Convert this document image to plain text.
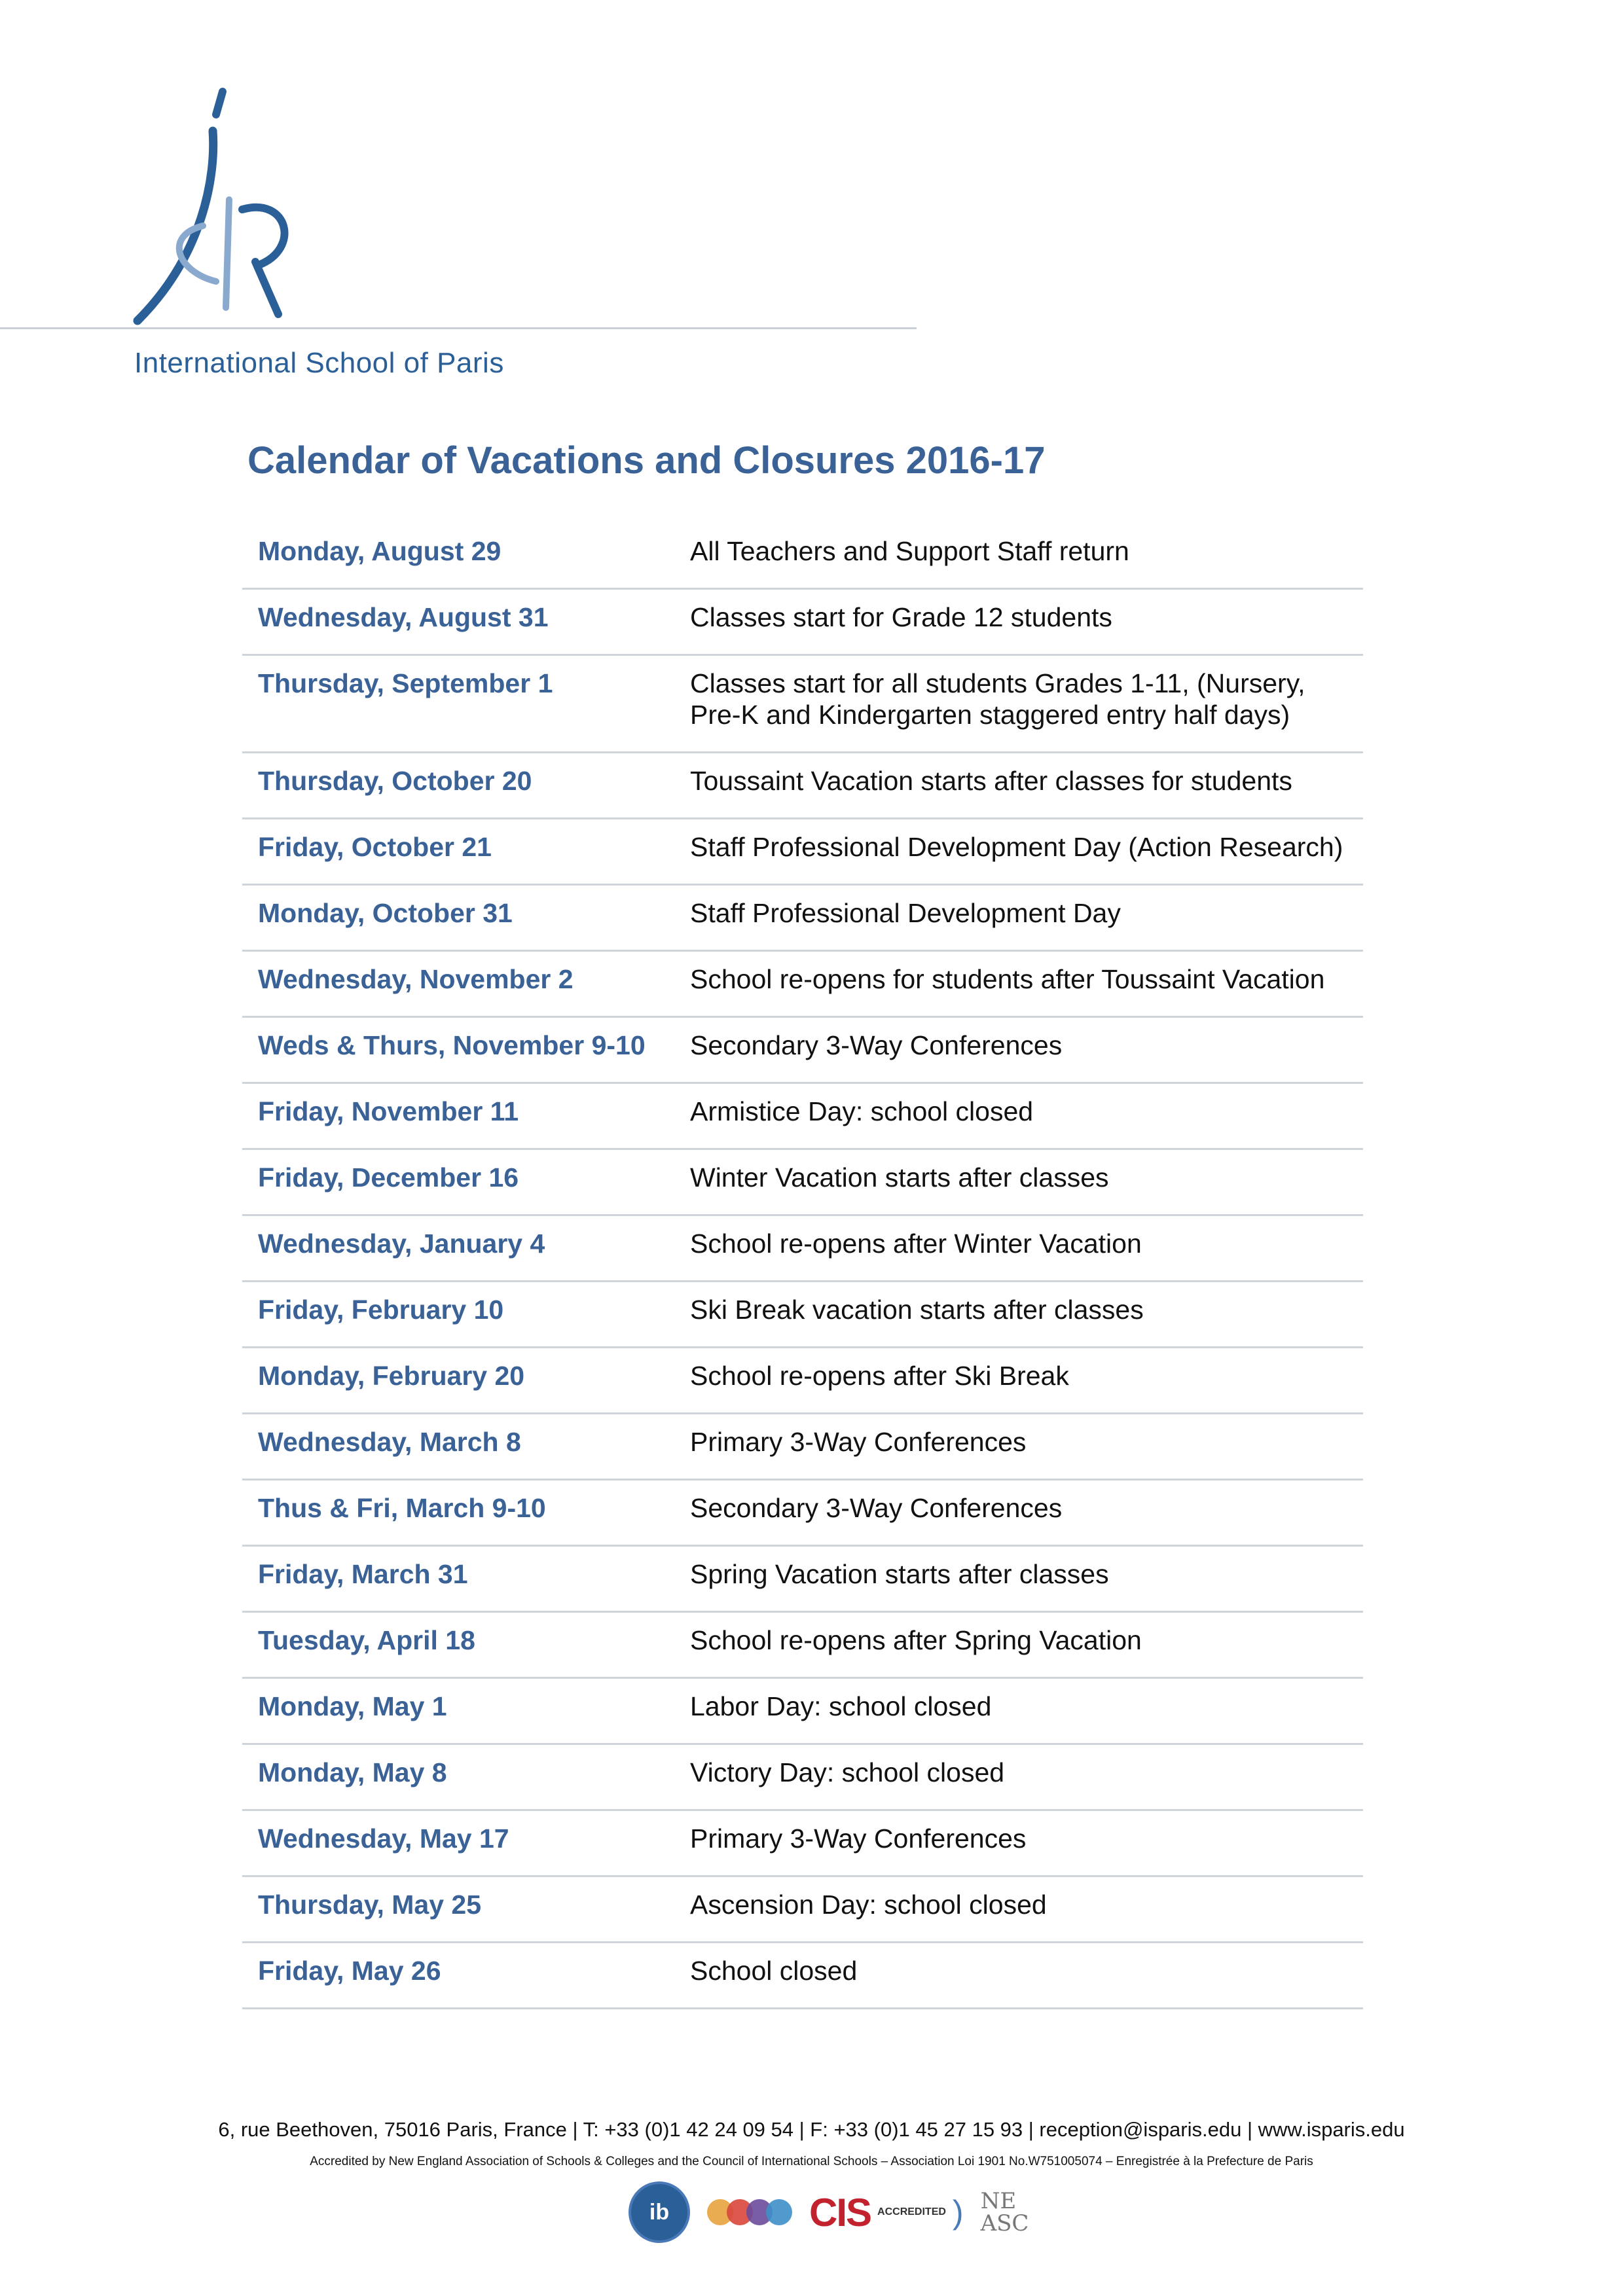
International School of Paris
Calendar of Vacations and Closures 2016-17
Monday, August 29	All Teachers and Support Staff return
Wednesday, August 31	Classes start for Grade 12 students
Thursday, September 1	Classes start for all students Grades 1-11, (Nursery, Pre-K and Kindergarten staggered entry half days)
Thursday, October 20	Toussaint Vacation starts after classes for students
Friday, October 21	Staff Professional Development Day (Action Research)
Monday, October 31	Staff Professional Development Day
Wednesday, November 2	School re-opens for students after Toussaint Vacation
Weds & Thurs, November 9-10	Secondary 3-Way Conferences
Friday, November 11	Armistice Day: school closed
Friday, December 16	Winter Vacation starts after classes
Wednesday, January 4	School re-opens after Winter Vacation
Friday, February 10	Ski Break vacation starts after classes
Monday, February 20	School re-opens after Ski Break
Wednesday, March 8	Primary 3-Way Conferences
Thus & Fri, March 9-10	Secondary 3-Way Conferences
Friday, March 31	Spring Vacation starts after classes
Tuesday, April 18	School re-opens after Spring Vacation
Monday, May 1	Labor Day: school closed
Monday, May 8	Victory Day: school closed
Wednesday, May 17	Primary 3-Way Conferences
Thursday, May 25	Ascension Day: school closed
Friday, May 26	School closed
6, rue Beethoven, 75016 Paris, France | T: +33 (0)1 42 24 09 54 | F: +33 (0)1 45 27 15 93 | reception@isparis.edu | www.isparis.edu
Accredited by New England Association of Schools & Colleges and the Council of International Schools – Association Loi 1901 No.W751005074 – Enregistrée à la Prefecture de Paris
ib	CIS ACCREDITED ) NE
ASC
